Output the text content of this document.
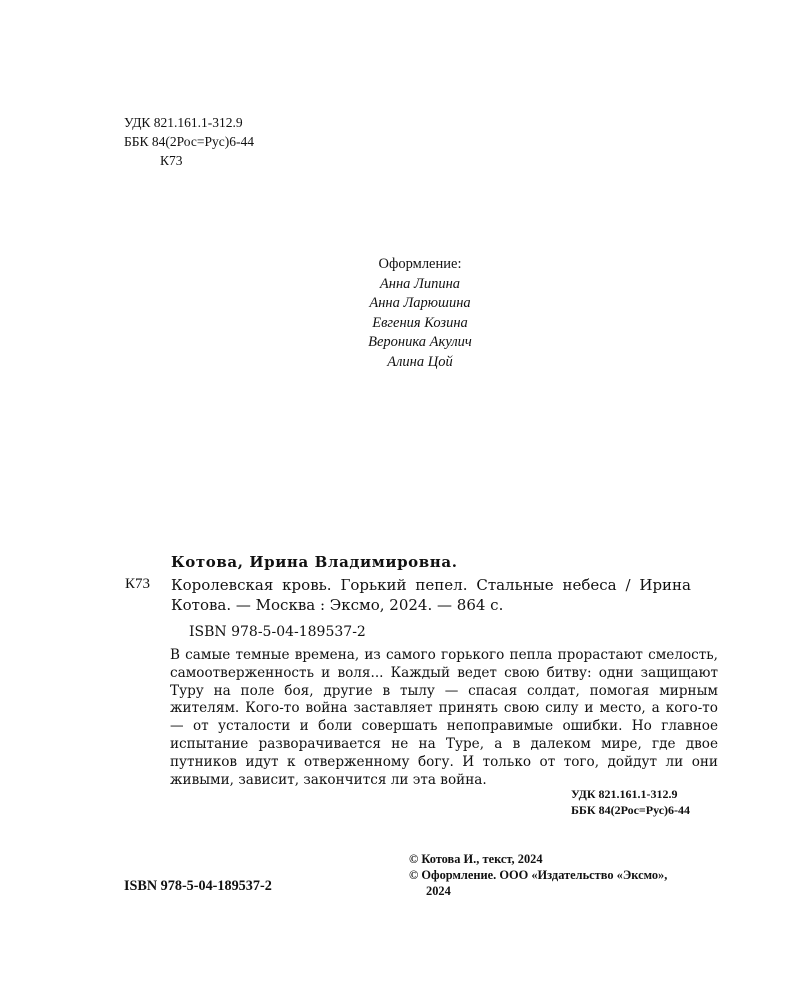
УДК 821.161.1-312.9
ББК 84(2Рос=Рус)6-44
К73
Оформление:
Анна Липина
Анна Ларюшина
Евгения Козина
Вероника Акулич
Алина Цой
Котова, Ирина Владимировна.
К73 Королевская кровь. Горький пепел. Стальные небеса / Ирина Котова. — Москва : Эксмо, 2024. — 864 с.
ISBN 978-5-04-189537-2
В самые темные времена, из самого горького пепла прорастают смелость, самоотверженность и воля... Каждый ведет свою битву: одни защищают Туру на поле боя, другие в тылу — спасая солдат, помогая мирным жителям. Кого-то война заставляет принять свою силу и место, а кого-то — от усталости и боли совершать непоправимые ошибки. Но главное испытание разворачивается не на Туре, а в далеком мире, где двое путников идут к отверженному богу. И только от того, дойдут ли они живыми, зависит, закончится ли эта война.
УДК 821.161.1-312.9
ББК 84(2Рос=Рус)6-44
ISBN 978-5-04-189537-2
© Котова И., текст, 2024
© Оформление. ООО «Издательство «Эксмо»,
2024
